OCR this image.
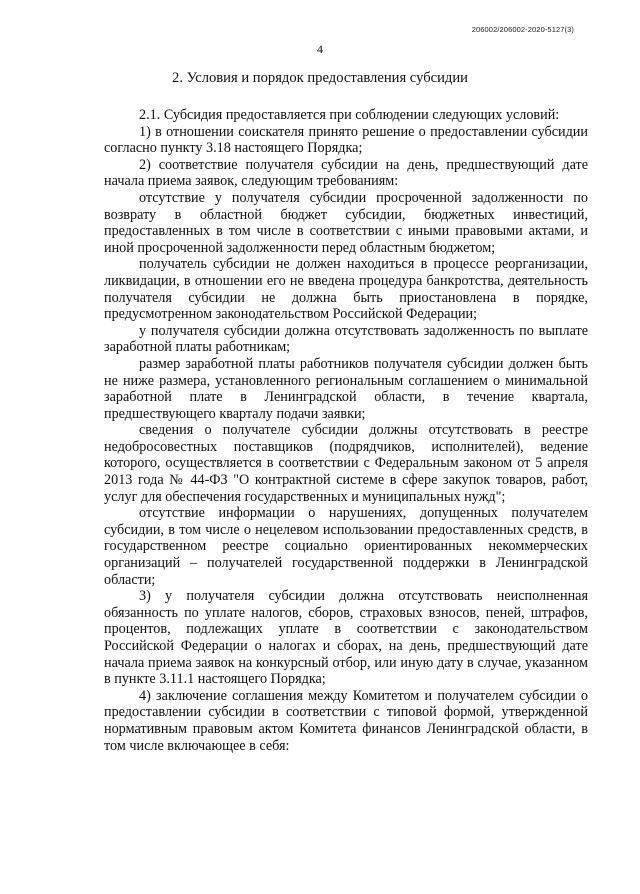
206002/206002-2020-5127(3)
4
2. Условия и порядок предоставления субсидии

2.1. Субсидия предоставляется при соблюдении следующих условий:

1) в отношении соискателя принято решение о предоставлении субсидии согласно пункту 3.18 настоящего Порядка;

2) соответствие получателя субсидии на день, предшествующий дате начала приема заявок, следующим требованиям:

отсутствие у получателя субсидии просроченной задолженности по возврату в областной бюджет субсидии, бюджетных инвестиций, предоставленных в том числе в соответствии с иными правовыми актами, и иной просроченной задолженности перед областным бюджетом;

получатель субсидии не должен находиться в процессе реорганизации, ликвидации, в отношении его не введена процедура банкротства, деятельность получателя субсидии не должна быть приостановлена в порядке, предусмотренном законодательством Российской Федерации;

у получателя субсидии должна отсутствовать задолженность по выплате заработной платы работникам;

размер заработной платы работников получателя субсидии должен быть не ниже размера, установленного региональным соглашением о минимальной заработной плате в Ленинградской области, в течение квартала, предшествующего кварталу подачи заявки;

сведения о получателе субсидии должны отсутствовать в реестре недобросовестных поставщиков (подрядчиков, исполнителей), ведение которого, осуществляется в соответствии с Федеральным законом от 5 апреля 2013 года № 44-ФЗ "О контрактной системе в сфере закупок товаров, работ, услуг для обеспечения государственных и муниципальных нужд";

отсутствие информации о нарушениях, допущенных получателем субсидии, в том числе о нецелевом использовании предоставленных средств, в государственном реестре социально ориентированных некоммерческих организаций – получателей государственной поддержки в Ленинградской области;

3) у получателя субсидии должна отсутствовать неисполненная обязанность по уплате налогов, сборов, страховых взносов, пеней, штрафов, процентов, подлежащих уплате в соответствии с законодательством Российской Федерации о налогах и сборах, на день, предшествующий дате начала приема заявок на конкурсный отбор, или иную дату в случае, указанном в пункте 3.11.1 настоящего Порядка;

4) заключение соглашения между Комитетом и получателем субсидии о предоставлении субсидии в соответствии с типовой формой, утвержденной нормативным правовым актом Комитета финансов Ленинградской области, в том числе включающее в себя:
